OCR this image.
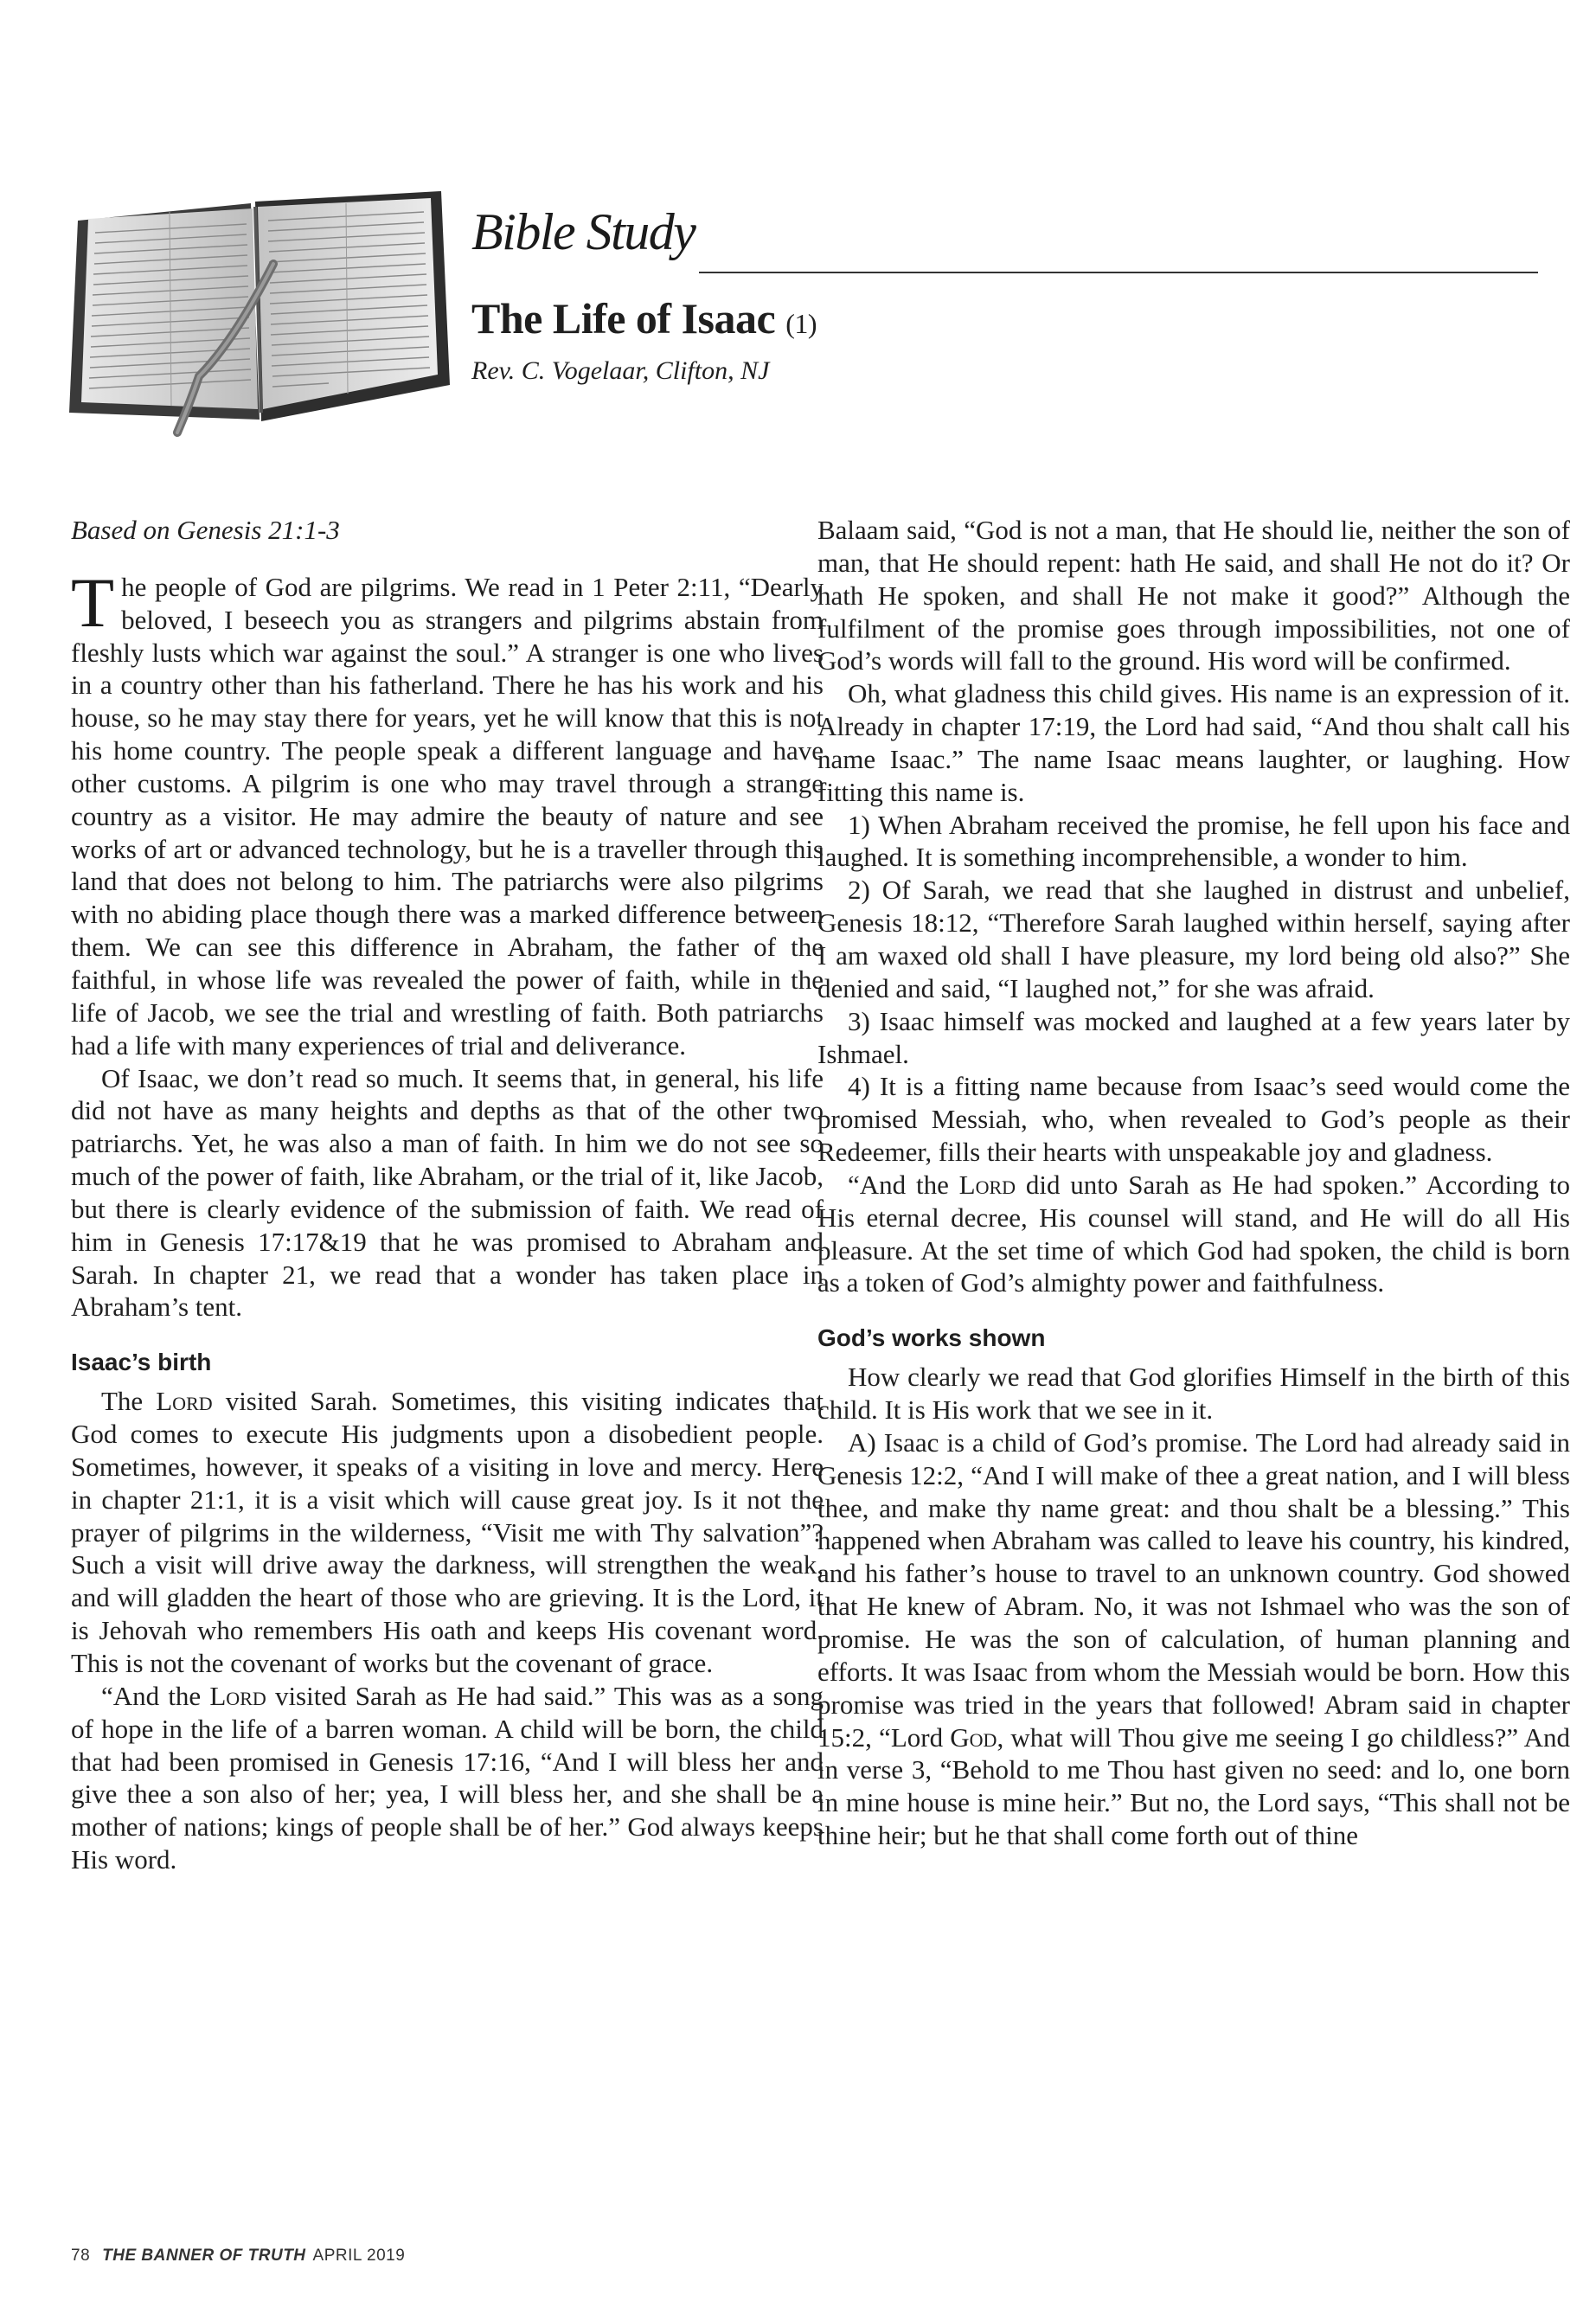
Bible Study
The Life of Isaac (1)
Rev. C. Vogelaar, Clifton, NJ

Based on Genesis 21:1-3

The people of God are pilgrims. We read in 1 Peter 2:11, “Dearly beloved, I beseech you as strangers and pilgrims abstain from fleshly lusts which war against the soul.” A stranger is one who lives in a country other than his fatherland. There he has his work and his house, so he may stay there for years, yet he will know that this is not his home country. The people speak a different language and have other customs. A pilgrim is one who may travel through a strange country as a visitor. He may admire the beauty of nature and see works of art or advanced technology, but he is a traveller through this land that does not belong to him. The patriarchs were also pilgrims with no abiding place though there was a marked difference between them. We can see this difference in Abraham, the father of the faithful, in whose life was revealed the power of faith, while in the life of Jacob, we see the trial and wrestling of faith. Both patriarchs had a life with many experiences of trial and deliverance.

Of Isaac, we don’t read so much. It seems that, in general, his life did not have as many heights and depths as that of the other two patriarchs. Yet, he was also a man of faith. In him we do not see so much of the power of faith, like Abraham, or the trial of it, like Jacob, but there is clearly evidence of the submission of faith. We read of him in Genesis 17:17&19 that he was promised to Abraham and Sarah. In chapter 21, we read that a wonder has taken place in Abraham’s tent.

Isaac’s birth

The Lord visited Sarah. Sometimes, this visiting indicates that God comes to execute His judgments upon a disobedient people. Sometimes, however, it speaks of a visiting in love and mercy. Here in chapter 21:1, it is a visit which will cause great joy. Is it not the prayer of pilgrims in the wilderness, “Visit me with Thy salvation”? Such a visit will drive away the darkness, will strengthen the weak, and will gladden the heart of those who are grieving. It is the Lord, it is Jehovah who remembers His oath and keeps His covenant word. This is not the covenant of works but the covenant of grace.

“And the Lord visited Sarah as He had said.” This was as a song of hope in the life of a barren woman. A child will be born, the child that had been promised in Genesis 17:16, “And I will bless her and give thee a son also of her; yea, I will bless her, and she shall be a mother of nations; kings of people shall be of her.” God always keeps His word.

Balaam said, “God is not a man, that He should lie, neither the son of man, that He should repent: hath He said, and shall He not do it? Or hath He spoken, and shall He not make it good?” Although the fulfilment of the promise goes through impossibilities, not one of God’s words will fall to the ground. His word will be confirmed.

Oh, what gladness this child gives. His name is an expression of it. Already in chapter 17:19, the Lord had said, “And thou shalt call his name Isaac.” The name Isaac means laughter, or laughing. How fitting this name is.

1) When Abraham received the promise, he fell upon his face and laughed. It is something incomprehensible, a wonder to him.

2) Of Sarah, we read that she laughed in distrust and unbelief, Genesis 18:12, “Therefore Sarah laughed within herself, saying after I am waxed old shall I have pleasure, my lord being old also?” She denied and said, “I laughed not,” for she was afraid.

3) Isaac himself was mocked and laughed at a few years later by Ishmael.

4) It is a fitting name because from Isaac’s seed would come the promised Messiah, who, when revealed to God’s people as their Redeemer, fills their hearts with unspeakable joy and gladness.

“And the Lord did unto Sarah as He had spoken.” According to His eternal decree, His counsel will stand, and He will do all His pleasure. At the set time of which God had spoken, the child is born as a token of God’s almighty power and faithfulness.

God’s works shown

How clearly we read that God glorifies Himself in the birth of this child. It is His work that we see in it.

A) Isaac is a child of God’s promise. The Lord had already said in Genesis 12:2, “And I will make of thee a great nation, and I will bless thee, and make thy name great: and thou shalt be a blessing.” This happened when Abraham was called to leave his country, his kindred, and his father’s house to travel to an unknown country. God showed that He knew of Abram. No, it was not Ishmael who was the son of promise. He was the son of calculation, of human planning and efforts. It was Isaac from whom the Messiah would be born. How this promise was tried in the years that followed! Abram said in chapter 15:2, “Lord God, what will Thou give me seeing I go childless?” And in verse 3, “Behold to me Thou hast given no seed: and lo, one born in mine house is mine heir.” But no, the Lord says, “This shall not be thine heir; but he that shall come forth out of thine

78 THE BANNER OF TRUTH APRIL 2019
